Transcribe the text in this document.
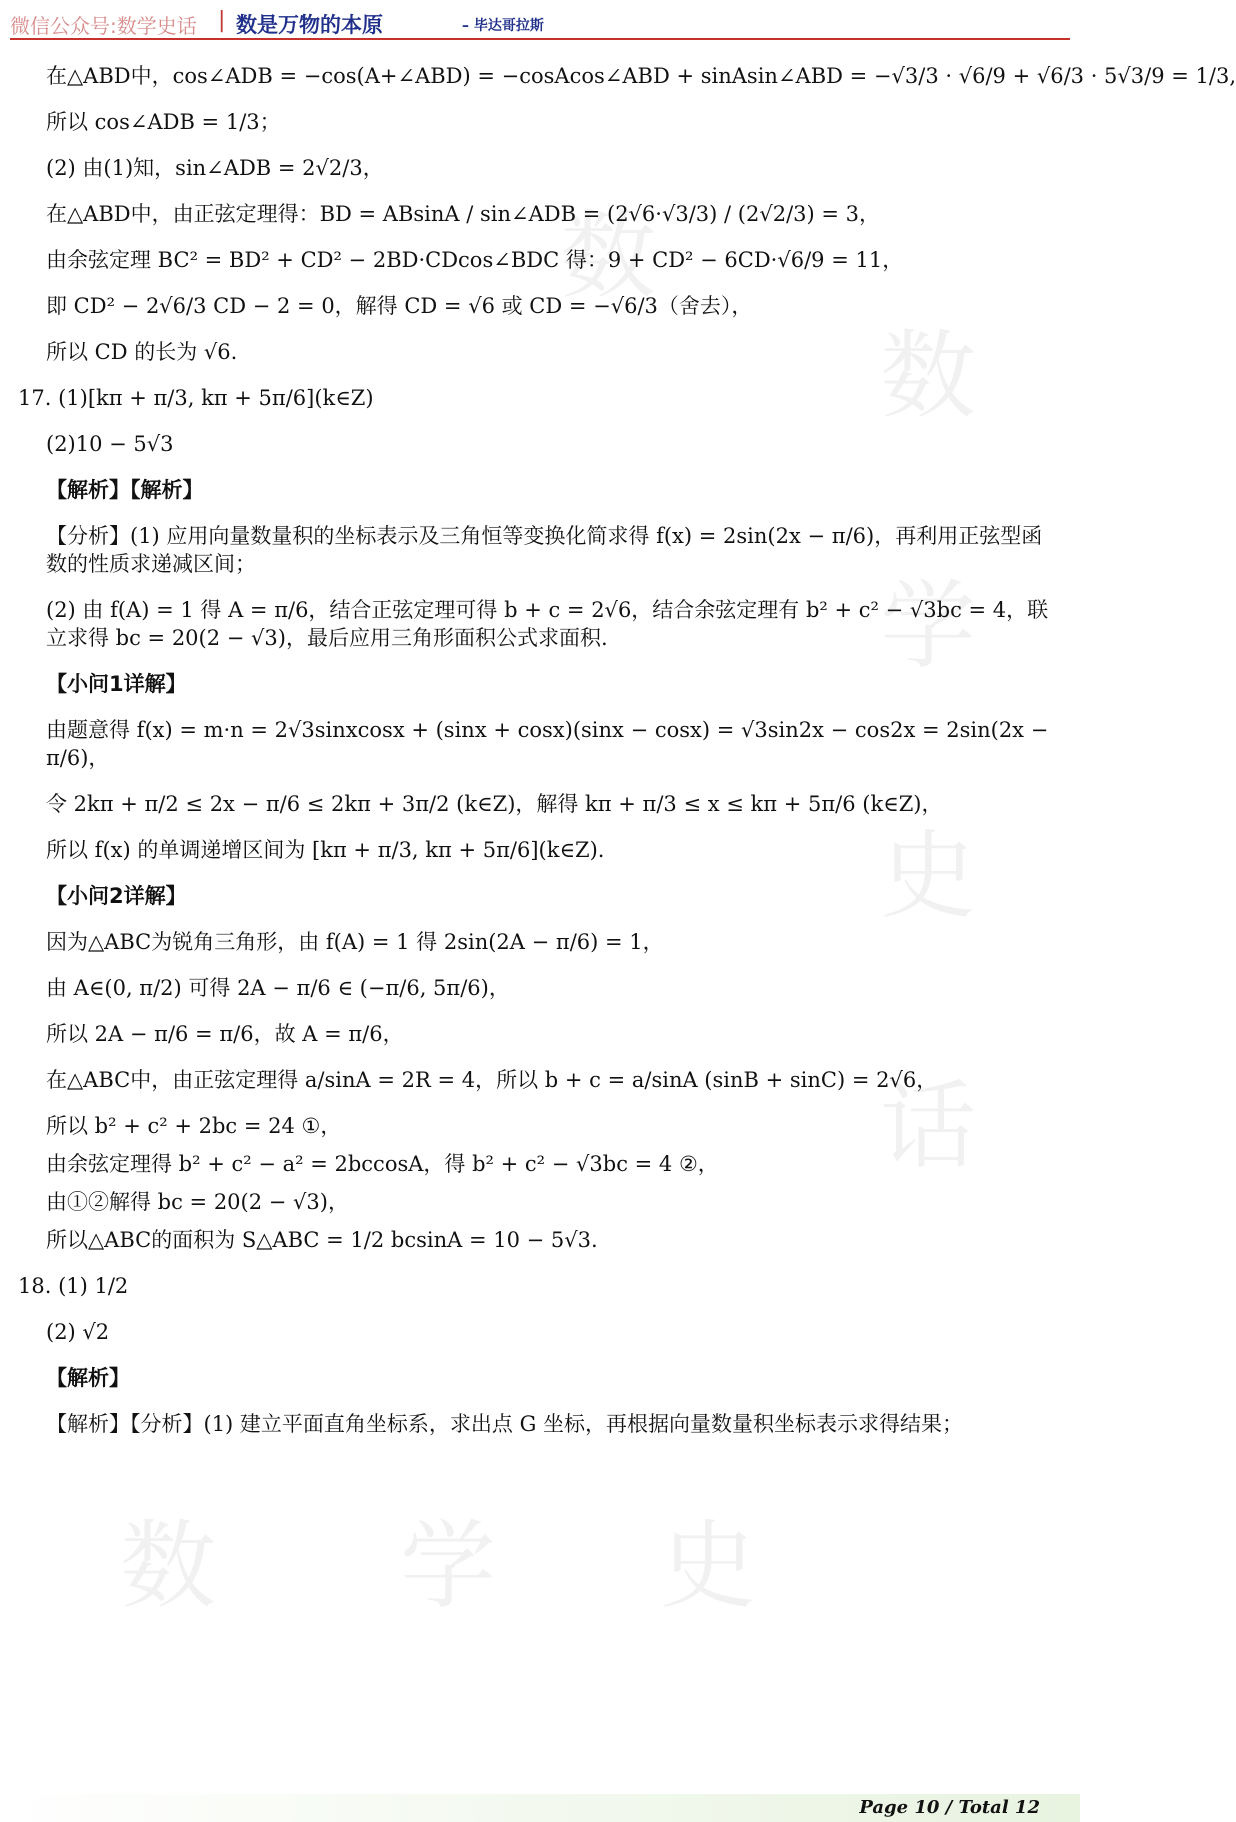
微信公众号:数学史话 | 数是万物的本原	– 毕达哥拉斯
数
数
学
史
话
数 学 史
在△ABD中，cos∠ADB = −cos(A+∠ABD) = −cosAcos∠ABD + sinAsin∠ABD = −√3/3 · √6/9 + √6/3 · 5√3/9 = 1/3,
所以 cos∠ADB = 1/3；
(2) 由(1)知，sin∠ADB = 2√2/3，
在△ABD中，由正弦定理得：BD = ABsinA / sin∠ADB = (2√6·√3/3) / (2√2/3) = 3，
由余弦定理 BC² = BD² + CD² − 2BD·CDcos∠BDC 得：9 + CD² − 6CD·√6/9 = 11，
即 CD² − 2√6/3 CD − 2 = 0，解得 CD = √6 或 CD = −√6/3（舍去），
所以 CD 的长为 √6.
17. (1)[kπ + π/3, kπ + 5π/6](k∈Z)
(2)10 − 5√3
【解析】【解析】
【分析】(1) 应用向量数量积的坐标表示及三角恒等变换化简求得 f(x) = 2sin(2x − π/6)，再利用正弦型函数的性质求递减区间；
(2) 由 f(A) = 1 得 A = π/6，结合正弦定理可得 b + c = 2√6，结合余弦定理有 b² + c² − √3bc = 4，联立求得 bc = 20(2 − √3)，最后应用三角形面积公式求面积.
【小问1详解】
由题意得 f(x) = m·n = 2√3sinxcosx + (sinx + cosx)(sinx − cosx) = √3sin2x − cos2x = 2sin(2x − π/6)，
令 2kπ + π/2 ≤ 2x − π/6 ≤ 2kπ + 3π/2 (k∈Z)，解得 kπ + π/3 ≤ x ≤ kπ + 5π/6 (k∈Z)，
所以 f(x) 的单调递增区间为 [kπ + π/3, kπ + 5π/6](k∈Z).
【小问2详解】
因为△ABC为锐角三角形，由 f(A) = 1 得 2sin(2A − π/6) = 1，
由 A∈(0, π/2) 可得 2A − π/6 ∈ (−π/6, 5π/6)，
所以 2A − π/6 = π/6，故 A = π/6，
在△ABC中，由正弦定理得 a/sinA = 2R = 4，所以 b + c = a/sinA (sinB + sinC) = 2√6，
所以 b² + c² + 2bc = 24 ①，
由余弦定理得 b² + c² − a² = 2bccosA，得 b² + c² − √3bc = 4 ②，
由①②解得 bc = 20(2 − √3)，
所以△ABC的面积为 S△ABC = 1/2 bcsinA = 10 − 5√3.
18. (1) 1/2
(2) √2
【解析】
【解析】【分析】(1) 建立平面直角坐标系，求出点 G 坐标，再根据向量数量积坐标表示求得结果；
Page 10 / Total 12
